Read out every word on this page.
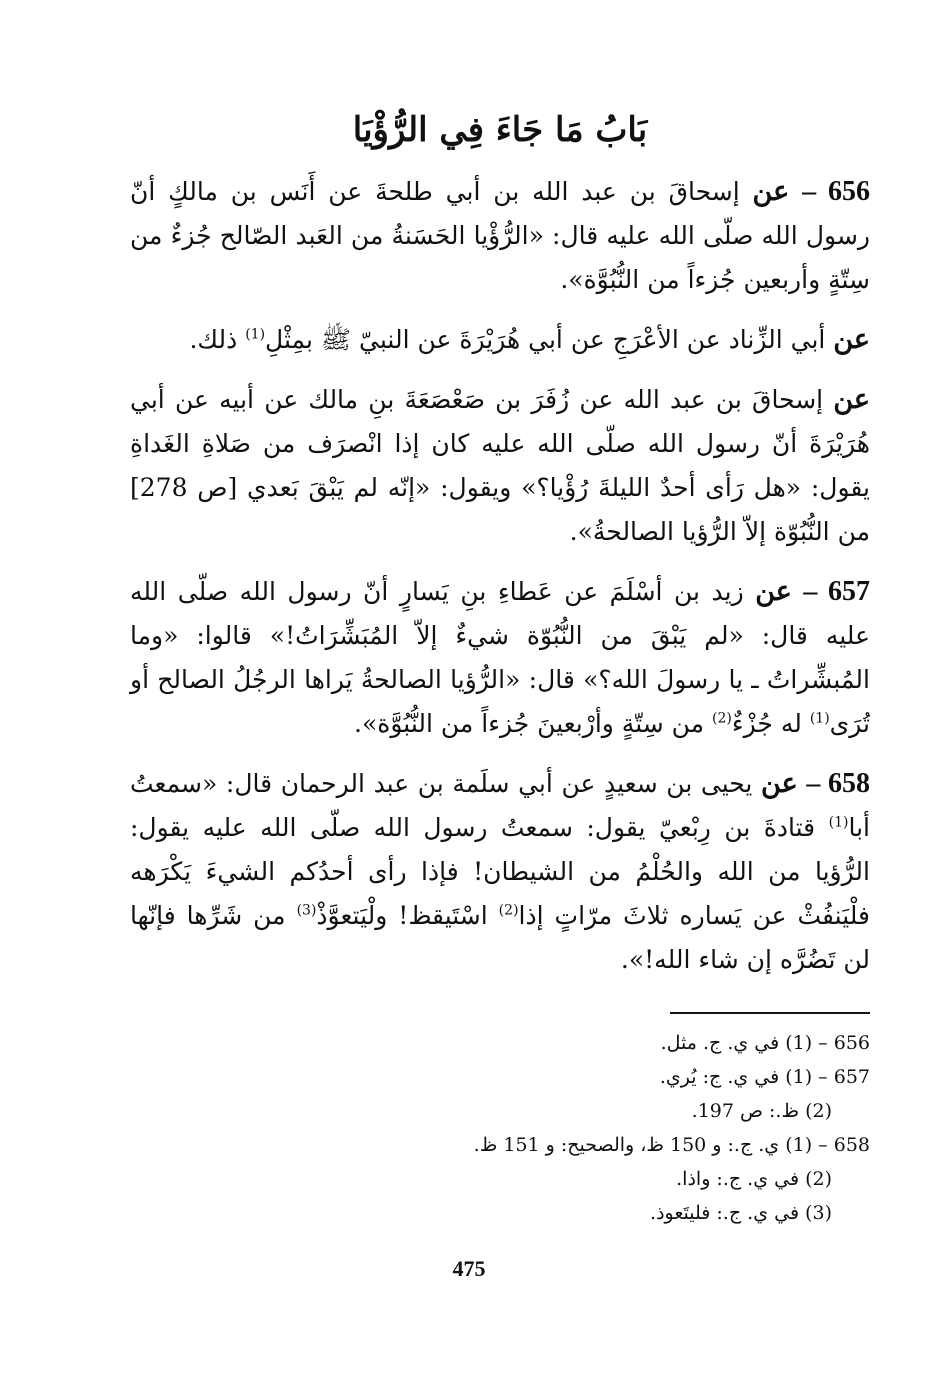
بَابُ مَا جَاءَ فِي الرُّؤْيَا

656 – عن إسحاقَ بن عبد الله بن أبي طلحةَ عن أَنَس بن مالكٍ أنّ رسول الله صلّى الله عليه قال: «الرُّؤْيا الحَسَنةُ من العَبد الصّالح جُزءٌ من سِتّةٍ وأربعين جُزءاً من النُّبُوَّة».

عن أبي الزِّناد عن الأعْرَجِ عن أبي هُرَيْرَةَ عن النبيّ ﷺ بمِثْلِ$^{(1)}$ ذلك.

عن إسحاقَ بن عبد الله عن زُفَرَ بن صَعْصَعَةَ بنِ مالك عن أبيه عن أبي هُرَيْرَةَ أنّ رسول الله صلّى الله عليه كان إذا انْصرَف من صَلاةِ الغَداةِ يقول: «هل رَأى أحدٌ الليلةَ رُؤْيا؟» ويقول: «إنّه لم يَبْقَ بَعدي [ص 278] من النُّبُوّة إلاّ الرُّؤيا الصالحةُ».

657 – عن زيد بن أسْلَمَ عن عَطاءِ بنِ يَسارٍ أنّ رسول الله صلّى الله عليه قال: «لم يَبْقَ من النُّبُوّة شيءٌ إلاّ المُبَشِّرَاتُ!» قالوا: «وما المُبشِّراتُ ـ يا رسولَ الله؟» قال: «الرُّؤيا الصالحةُ يَراها الرجُلُ الصالح أو تُرَى$^{(1)}$ له جُزْءٌ$^{(2)}$ من سِتّةٍ وأرْبعينَ جُزءاً من النُّبُوَّة».

658 – عن يحيى بن سعيدٍ عن أبي سلَمة بن عبد الرحمان قال: «سمعتُ أبا$^{(1)}$ قتادةَ بن رِبْعيّ يقول: سمعتُ رسول الله صلّى الله عليه يقول: الرُّؤيا من الله والحُلْمُ من الشيطان! فإذا رأى أحدُكم الشيءَ يَكْرَهه فلْيَنفُثْ عن يَساره ثلاثَ مرّاتٍ إذا$^{(2)}$ اسْتَيقظ! ولْيَتعوَّذْ$^{(3)}$ من شَرِّها فإنّها لن تَضُرَّه إن شاء الله!».

656 – (1) في ي. ج. مثل.

657 – (1) في ي. ج: يُري.

(2) ظ.: ص 197.

658 – (1) ي. ج.: و 150 ظ، والصحيح: و 151 ظ.

(2) في ي. ج.: واذا.

(3) في ي. ج.: فليتَعوذ.

475
